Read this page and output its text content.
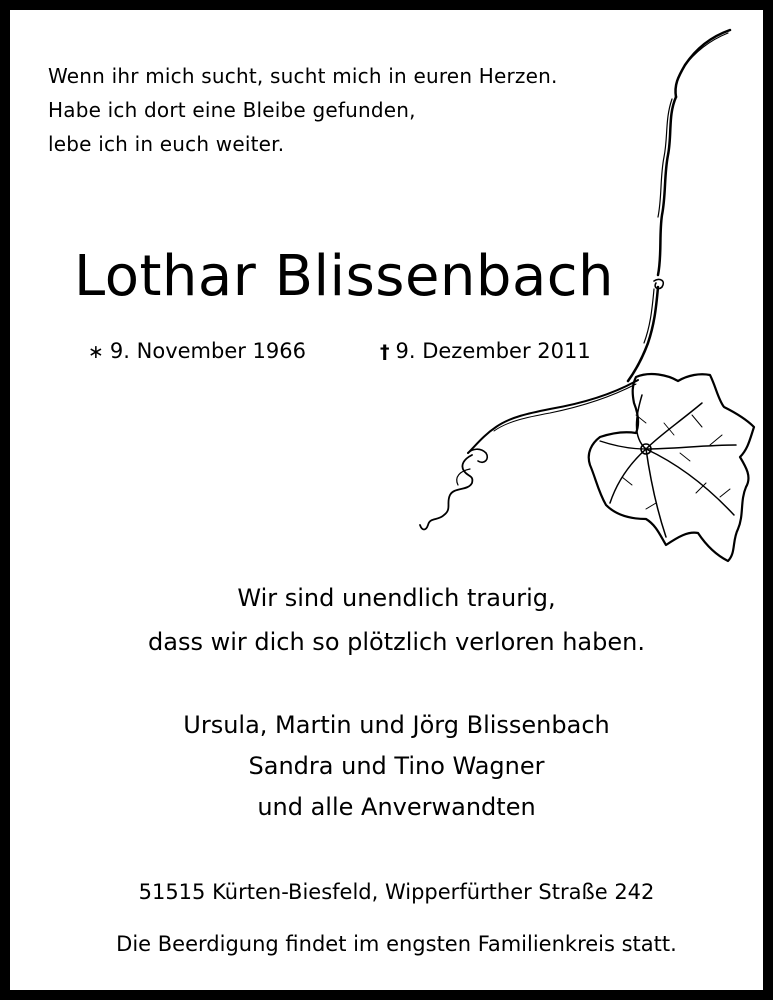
Wenn ihr mich sucht, sucht mich in euren Herzen.
Habe ich dort eine Bleibe gefunden,
lebe ich in euch weiter.
Lothar Blissenbach
∗ 9. November 1966	† 9. Dezember 2011
Wir sind unendlich traurig,
dass wir dich so plötzlich verloren haben.
Ursula, Martin und Jörg Blissenbach
Sandra und Tino Wagner
und alle Anverwandten
51515 Kürten-Biesfeld, Wipperfürther Straße 242
Die Beerdigung findet im engsten Familienkreis statt.
